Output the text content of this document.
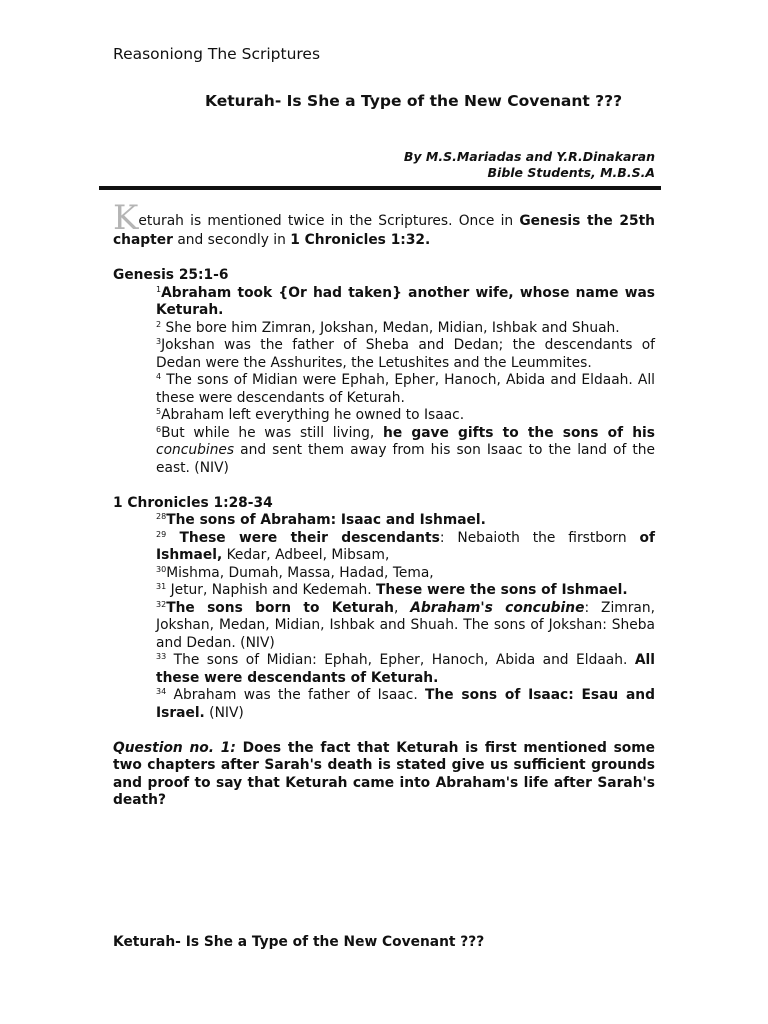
Reasoniong The Scriptures
Keturah- Is She a Type of the New Covenant ???
By M.S.Mariadas and Y.R.Dinakaran
Bible Students, M.B.S.A

Keturah is mentioned twice in the Scriptures. Once in Genesis the 25th chapter and secondly in 1 Chronicles 1:32.

Genesis 25:1-6

$^1$Abraham took {Or had taken} another wife, whose name was Keturah.

$^2$ She bore him Zimran, Jokshan, Medan, Midian, Ishbak and Shuah.

$^3$Jokshan was the father of Sheba and Dedan; the descendants of Dedan were the Asshurites, the Letushites and the Leummites.

$^4$ The sons of Midian were Ephah, Epher, Hanoch, Abida and Eldaah. All these were descendants of Keturah.

$^5$Abraham left everything he owned to Isaac.

$^6$But while he was still living, he gave gifts to the sons of his concubines and sent them away from his son Isaac to the land of the east. (NIV)

1 Chronicles 1:28-34

$^{28}$The sons of Abraham: Isaac and Ishmael.

$^{29}$ These were their descendants: Nebaioth the firstborn of Ishmael, Kedar, Adbeel, Mibsam,

$^{30}$Mishma, Dumah, Massa, Hadad, Tema,

$^{31}$ Jetur, Naphish and Kedemah. These were the sons of Ishmael.

$^{32}$The sons born to Keturah, Abraham's concubine: Zimran, Jokshan, Medan, Midian, Ishbak and Shuah. The sons of Jokshan: Sheba and Dedan. (NIV)

$^{33}$ The sons of Midian: Ephah, Epher, Hanoch, Abida and Eldaah. All these were descendants of Keturah.

$^{34}$ Abraham was the father of Isaac. The sons of Isaac: Esau and Israel. (NIV)

Question no. 1: Does the fact that Keturah is first mentioned some two chapters after Sarah's death is stated give us sufficient grounds and proof to say that Keturah came into Abraham's life after Sarah's death?

Keturah- Is She a Type of the New Covenant ???
